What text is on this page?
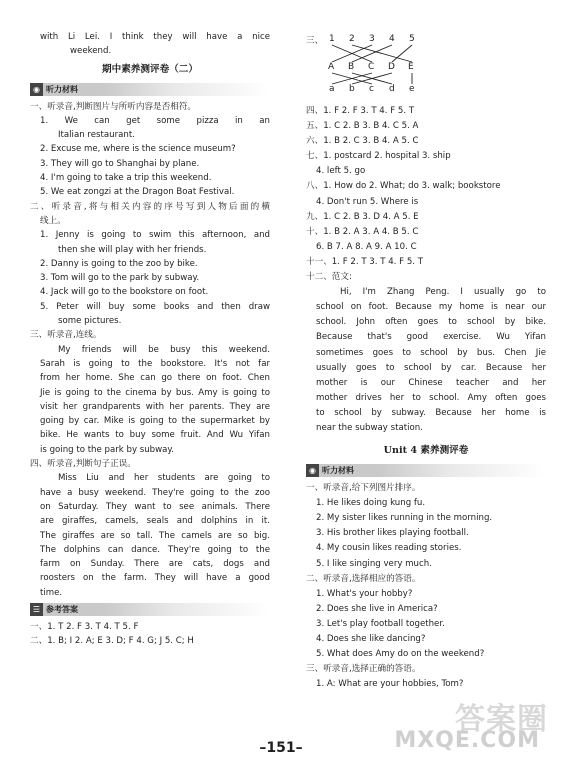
with Li Lei. I think they will have a nice
weekend.
期中素养测评卷（二）
◉ 听力材料
一、听录音,判断图片与所听内容是否相符。
1. We can get some pizza in an
Italian restaurant.
2. Excuse me, where is the science museum?
3. They will go to Shanghai by plane.
4. I'm going to take a trip this weekend.
5. We eat zongzi at the Dragon Boat Festival.
二、听录音,将与相关内容的序号写到人物后面的横
线上。
1. Jenny is going to swim this afternoon, and
then she will play with her friends.
2. Danny is going to the zoo by bike.
3. Tom will go to the park by subway.
4. Jack will go to the bookstore on foot.
5. Peter will buy some books and then draw
some pictures.
三、听录音,连线。
My friends will be busy this weekend.
Sarah is going to the bookstore. It's not far
from her home. She can go there on foot. Chen
Jie is going to the cinema by bus. Amy is going to
visit her grandparents with her parents. They are
going by car. Mike is going to the supermarket by
bike. He wants to buy some fruit. And Wu Yifan
is going to the park by subway.
四、听录音,判断句子正误。
Miss Liu and her students are going to
have a busy weekend. They're going to the zoo
on Saturday. They want to see animals. There
are giraffes, camels, seals and dolphins in it.
The giraffes are so tall. The camels are so big.
The dolphins can dance. They're going to the
farm on Sunday. There are cats, dogs and
roosters on the farm. They will have a good
time.
☰ 参考答案
一、1. T 2. F 3. T 4. T 5. F
二、1. B; I 2. A; E 3. D; F 4. G; J 5. C; H
三、 1 2 3 4 5
A B C D E
a b c d e
四、1. F 2. F 3. T 4. F 5. T
五、1. C 2. B 3. B 4. C 5. A
六、1. B 2. C 3. B 4. A 5. C
七、1. postcard 2. hospital 3. ship
4. left 5. go
八、1. How do 2. What; do 3. walk; bookstore
4. Don't run 5. Where is
九、1. C 2. B 3. D 4. A 5. E
十、1. B 2. A 3. A 4. B 5. C
6. B 7. A 8. A 9. A 10. C
十一、1. F 2. T 3. T 4. F 5. T
十二、范文:
Hi, I'm Zhang Peng. I usually go to
school on foot. Because my home is near our
school. John often goes to school by bike.
Because that's good exercise. Wu Yifan
sometimes goes to school by bus. Chen Jie
usually goes to school by car. Because her
mother is our Chinese teacher and her
mother drives her to school. Amy often goes
to school by subway. Because her home is
near the subway station.
Unit 4 素养测评卷
◉ 听力材料
一、听录音,给下列图片排序。
1. He likes doing kung fu.
2. My sister likes running in the morning.
3. His brother likes playing football.
4. My cousin likes reading stories.
5. I like singing very much.
二、听录音,选择相应的答语。
1. What's your hobby?
2. Does she live in America?
3. Let's play football together.
4. Does she like dancing?
5. What does Amy do on the weekend?
三、听录音,选择正确的答语。
1. A: What are your hobbies, Tom?
答案圈
MXQE.COM
–151–
